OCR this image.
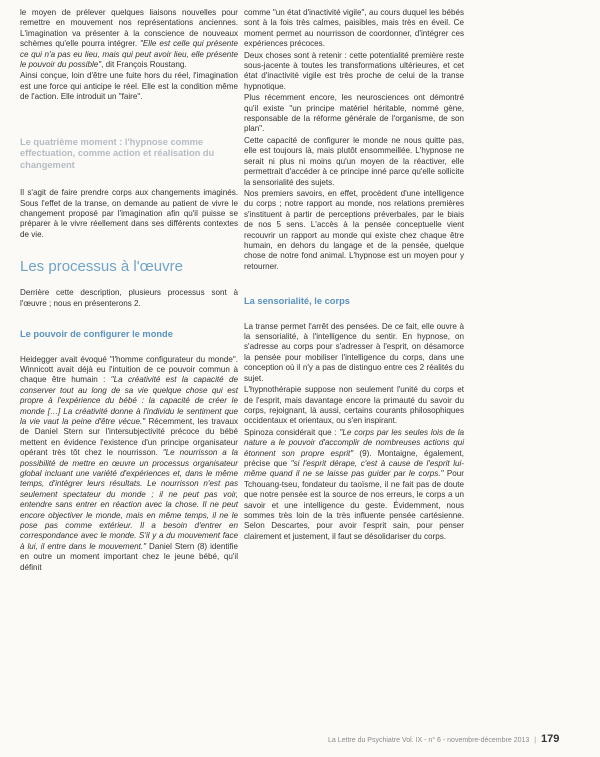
le moyen de prélever quelques liaisons nouvelles pour remettre en mouvement nos représentations anciennes. L'imagination va présenter à la conscience de nouveaux schèmes qu'elle pourra intégrer. "Elle est celle qui présente ce qui n'a pas eu lieu, mais qui peut avoir lieu, elle présente le pouvoir du possible", dit François Roustang.

Ainsi conçue, loin d'être une fuite hors du réel, l'imagination est une force qui anticipe le réel. Elle est la condition même de l'action. Elle introduit un "faire".

Le quatrième moment : l'hypnose comme effectuation, comme action et réalisation du changement

Il s'agit de faire prendre corps aux changements imaginés. Sous l'effet de la transe, on demande au patient de vivre le changement proposé par l'imagination afin qu'il puisse se préparer à le vivre réellement dans ses différents contextes de vie.

Les processus à l'œuvre

Derrière cette description, plusieurs processus sont à l'œuvre ; nous en présenterons 2.

Le pouvoir de configurer le monde

Heidegger avait évoqué "l'homme configurateur du monde". Winnicott avait déjà eu l'intuition de ce pouvoir commun à chaque être humain : "La créativité est la capacité de conserver tout au long de sa vie quelque chose qui est propre à l'expérience du bébé : la capacité de créer le monde […] La créativité donne à l'individu le sentiment que la vie vaut la peine d'être vécue." Récemment, les travaux de Daniel Stern sur l'intersubjectivité précoce du bébé mettent en évidence l'existence d'un principe organisateur opérant très tôt chez le nourrisson. "Le nourrisson a la possibilité de mettre en œuvre un processus organisateur global incluant une variété d'expériences et, dans le même temps, d'intégrer leurs résultats. Le nourrisson n'est pas seulement spectateur du monde ; il ne peut pas voir, entendre sans entrer en réaction avec la chose. Il ne peut encore objectiver le monde, mais en même temps, il ne le pose pas comme extérieur. Il a besoin d'entrer en correspondance avec le monde. S'il y a du mouvement face à lui, il entre dans le mouvement." Daniel Stern (8) identifie en outre un moment important chez le jeune bébé, qu'il définit

comme "un état d'inactivité vigile", au cours duquel les bébés sont à la fois très calmes, paisibles, mais très en éveil. Ce moment permet au nourrisson de coordonner, d'intégrer ces expériences précoces.

Deux choses sont à retenir : cette potentialité première reste sous-jacente à toutes les transformations ultérieures, et cet état d'inactivité vigile est très proche de celui de la transe hypnotique.

Plus récemment encore, les neurosciences ont démontré qu'il existe "un principe matériel héritable, nommé gène, responsable de la réforme générale de l'organisme, de son plan".

Cette capacité de configurer le monde ne nous quitte pas, elle est toujours là, mais plutôt ensommeillée. L'hypnose ne serait ni plus ni moins qu'un moyen de la réactiver, elle permettrait d'accéder à ce principe inné parce qu'elle sollicite la sensorialité des sujets.

Nos premiers savoirs, en effet, procèdent d'une intelligence du corps ; notre rapport au monde, nos relations premières s'instituent à partir de perceptions préverbales, par le biais de nos 5 sens. L'accès à la pensée conceptuelle vient recouvrir un rapport au monde qui existe chez chaque être humain, en dehors du langage et de la pensée, quelque chose de notre fond animal. L'hypnose est un moyen pour y retourner.

La sensorialité, le corps

La transe permet l'arrêt des pensées. De ce fait, elle ouvre à la sensorialité, à l'intelligence du sentir. En hypnose, on s'adresse au corps pour s'adresser à l'esprit, on désamorce la pensée pour mobiliser l'intelligence du corps, dans une conception où il n'y a pas de distinguo entre ces 2 réalités du sujet.

L'hypnothérapie suppose non seulement l'unité du corps et de l'esprit, mais davantage encore la primauté du savoir du corps, rejoignant, là aussi, certains courants philosophiques occidentaux et orientaux, ou s'en inspirant.

Spinoza considérait que : "Le corps par les seules lois de la nature a le pouvoir d'accomplir de nombreuses actions qui étonnent son propre esprit" (9). Montaigne, également, précise que "si l'esprit dérape, c'est à cause de l'esprit lui-même quand il ne se laisse pas guider par le corps." Pour Tchouang-tseu, fondateur du taoïsme, il ne fait pas de doute que notre pensée est la source de nos erreurs, le corps a un savoir et une intelligence du geste. Évidemment, nous sommes très loin de la très influente pensée cartésienne. Selon Descartes, pour avoir l'esprit sain, pour penser clairement et justement, il faut se désolidariser du corps.

La Lettre du Psychiatre Vol. IX - n° 6 - novembre-décembre 2013 | 179
